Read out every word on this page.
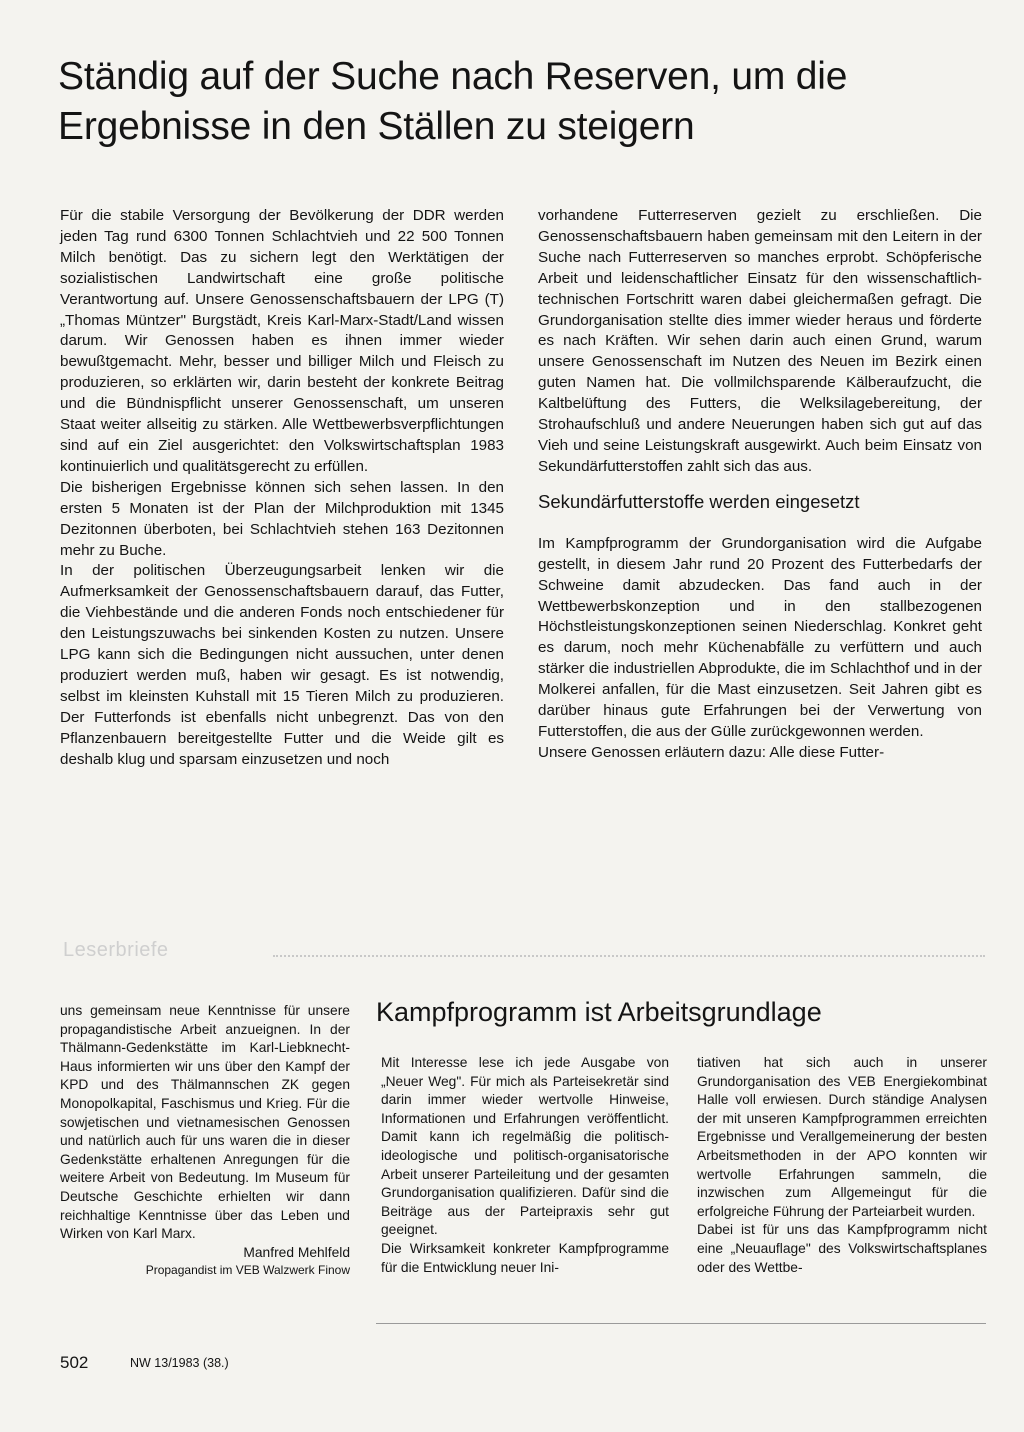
Ständig auf der Suche nach Reserven, um die Ergebnisse in den Ställen zu steigern

Für die stabile Versorgung der Bevölkerung der DDR werden jeden Tag rund 6300 Tonnen Schlachtvieh und 22 500 Tonnen Milch benötigt. Das zu sichern legt den Werktätigen der sozialistischen Landwirtschaft eine große politische Verantwortung auf. Unsere Genossenschaftsbauern der LPG (T) „Thomas Müntzer" Burgstädt, Kreis Karl-Marx-Stadt/Land wissen darum. Wir Genossen haben es ihnen immer wieder bewußtgemacht. Mehr, besser und billiger Milch und Fleisch zu produzieren, so erklärten wir, darin besteht der konkrete Beitrag und die Bündnispflicht unserer Genossenschaft, um unseren Staat weiter allseitig zu stärken. Alle Wettbewerbsverpflichtungen sind auf ein Ziel ausgerichtet: den Volkswirtschaftsplan 1983 kontinuierlich und qualitätsgerecht zu erfüllen.

Die bisherigen Ergebnisse können sich sehen lassen. In den ersten 5 Monaten ist der Plan der Milchproduktion mit 1345 Dezitonnen überboten, bei Schlachtvieh stehen 163 Dezitonnen mehr zu Buche.

In der politischen Überzeugungsarbeit lenken wir die Aufmerksamkeit der Genossenschaftsbauern darauf, das Futter, die Viehbestände und die anderen Fonds noch entschiedener für den Leistungszuwachs bei sinkenden Kosten zu nutzen. Unsere LPG kann sich die Bedingungen nicht aussuchen, unter denen produziert werden muß, haben wir gesagt. Es ist notwendig, selbst im kleinsten Kuhstall mit 15 Tieren Milch zu produzieren. Der Futterfonds ist ebenfalls nicht unbegrenzt. Das von den Pflanzenbauern bereitgestellte Futter und die Weide gilt es deshalb klug und sparsam einzusetzen und noch

vorhandene Futterreserven gezielt zu erschließen. Die Genossenschaftsbauern haben gemeinsam mit den Leitern in der Suche nach Futterreserven so manches erprobt. Schöpferische Arbeit und leidenschaftlicher Einsatz für den wissenschaftlich-technischen Fortschritt waren dabei gleichermaßen gefragt. Die Grundorganisation stellte dies immer wieder heraus und förderte es nach Kräften. Wir sehen darin auch einen Grund, warum unsere Genossenschaft im Nutzen des Neuen im Bezirk einen guten Namen hat. Die vollmilchsparende Kälberaufzucht, die Kaltbelüftung des Futters, die Welksilagebereitung, der Strohaufschluß und andere Neuerungen haben sich gut auf das Vieh und seine Leistungskraft ausgewirkt. Auch beim Einsatz von Sekundärfutterstoffen zahlt sich das aus.

Sekundärfutterstoffe werden eingesetzt

Im Kampfprogramm der Grundorganisation wird die Aufgabe gestellt, in diesem Jahr rund 20 Prozent des Futterbedarfs der Schweine damit abzudecken. Das fand auch in der Wettbewerbskonzeption und in den stallbezogenen Höchstleistungskonzeptionen seinen Niederschlag. Konkret geht es darum, noch mehr Küchenabfälle zu verfüttern und auch stärker die industriellen Abprodukte, die im Schlachthof und in der Molkerei anfallen, für die Mast einzusetzen. Seit Jahren gibt es darüber hinaus gute Erfahrungen bei der Verwertung von Futterstoffen, die aus der Gülle zurückgewonnen werden.

Unsere Genossen erläutern dazu: Alle diese Futter-

Leserbriefe

uns gemeinsam neue Kenntnisse für unsere propagandistische Arbeit anzueignen. In der Thälmann-Gedenkstätte im Karl-Liebknecht-Haus informierten wir uns über den Kampf der KPD und des Thälmannschen ZK gegen Monopolkapital, Faschismus und Krieg. Für die sowjetischen und vietnamesischen Genossen und natürlich auch für uns waren die in dieser Gedenkstätte erhaltenen Anregungen für die weitere Arbeit von Bedeutung. Im Museum für Deutsche Geschichte erhielten wir dann reichhaltige Kenntnisse über das Leben und Wirken von Karl Marx.

Manfred Mehlfeld

Propagandist im VEB Walzwerk Finow

Kampfprogramm ist Arbeitsgrundlage

Mit Interesse lese ich jede Ausgabe von „Neuer Weg". Für mich als Parteisekretär sind darin immer wieder wertvolle Hinweise, Informationen und Erfahrungen veröffentlicht. Damit kann ich regelmäßig die politisch-ideologische und politisch-organisatorische Arbeit unserer Parteileitung und der gesamten Grundorganisation qualifizieren. Dafür sind die Beiträge aus der Parteipraxis sehr gut geeignet.

Die Wirksamkeit konkreter Kampfprogramme für die Entwicklung neuer Ini-

tiativen hat sich auch in unserer Grundorganisation des VEB Energiekombinat Halle voll erwiesen. Durch ständige Analysen der mit unseren Kampfprogrammen erreichten Ergebnisse und Verallgemeinerung der besten Arbeitsmethoden in der APO konnten wir wertvolle Erfahrungen sammeln, die inzwischen zum Allgemeingut für die erfolgreiche Führung der Parteiarbeit wurden.

Dabei ist für uns das Kampfprogramm nicht eine „Neuauflage" des Volkswirtschaftsplanes oder des Wettbe-

502	NW 13/1983 (38.)
